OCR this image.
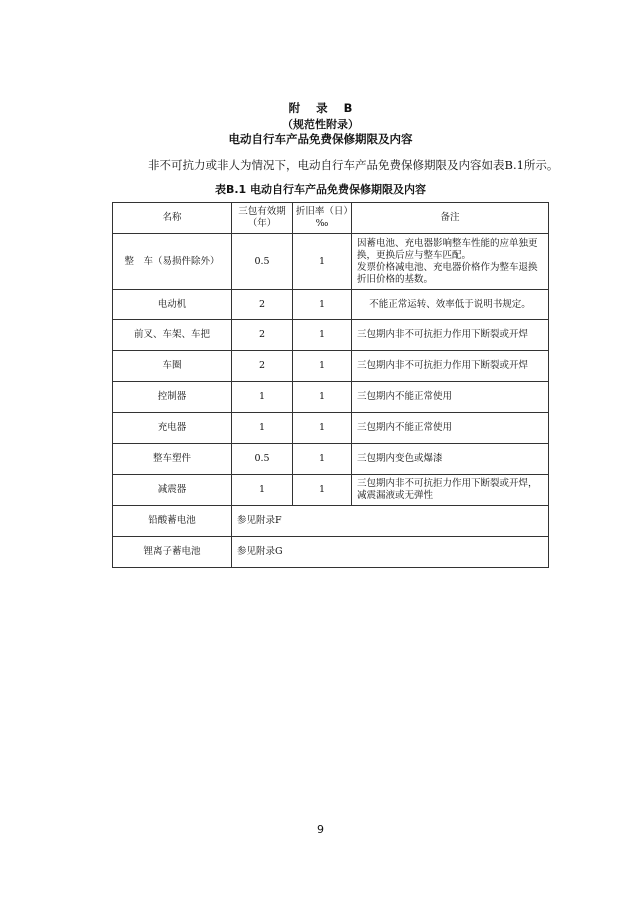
附 录 B
（规范性附录）
电动自行车产品免费保修期限及内容
非不可抗力或非人为情况下，电动自行车产品免费保修期限及内容如表B.1所示。
表B.1 电动自行车产品免费保修期限及内容
名称	三包有效期（年）	折旧率（日）‰	备注
整　车（易损件除外）	0.5	1	因蓄电池、充电器影响整车性能的应单独更换，更换后应与整车匹配。
发票价格减电池、充电器价格作为整车退换折旧价格的基数。

电动机	2	1	不能正常运转、效率低于说明书规定。

前叉、车架、车把	2	1	三包期内非不可抗拒力作用下断裂或开焊

车圈	2	1	三包期内非不可抗拒力作用下断裂或开焊

控制器	1	1	三包期内不能正常使用

充电器	1	1	三包期内不能正常使用

整车塑件	0.5	1	三包期内变色或爆漆

减震器	1	1	三包期内非不可抗拒力作用下断裂或开焊，减震漏液或无弹性

铅酸蓄电池	参见附录F		
锂离子蓄电池	参见附录G		
9
